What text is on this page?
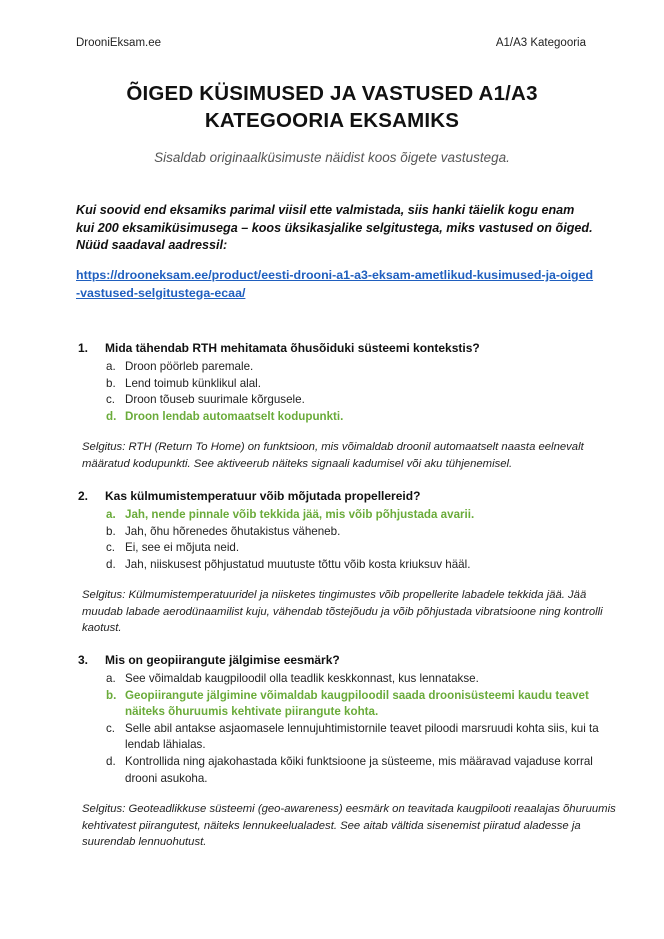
DrooniEksam.ee	A1/A3 Kategooria
ÕIGED KÜSIMUSED JA VASTUSED A1/A3 KATEGOORIA EKSAMIKS
Sisaldab originaalküsimuste näidist koos õigete vastustega.
Kui soovid end eksamiks parimal viisil ette valmistada, siis hanki täielik kogu enam kui 200 eksamiküsimusega – koos üksikasjalike selgitustega, miks vastused on õiged. Nüüd saadaval aadressil:
https://drooneksam.ee/product/eesti-drooni-a1-a3-eksam-ametlikud-kusimused-ja-oiged-vastused-selgitustega-ecaa/
1.	Mida tähendab RTH mehitamata õhusõiduki süsteemi kontekstis?
a. Droon pöörleb paremale.
b. Lend toimub künklikul alal.
c. Droon tõuseb suurimale kõrgusele.
d. Droon lendab automaatselt kodupunkti.
Selgitus: RTH (Return To Home) on funktsioon, mis võimaldab droonil automaatselt naasta eelnevalt määratud kodupunkti. See aktiveerub näiteks signaali kadumisel või aku tühjenemisel.
2.	Kas külmumistemperatuur võib mõjutada propellereid?
a. Jah, nende pinnale võib tekkida jää, mis võib põhjustada avarii.
b. Jah, õhu hõrenedes õhutakistus väheneb.
c. Ei, see ei mõjuta neid.
d. Jah, niiskusest põhjustatud muutuste tõttu võib kosta kriuksuv hääl.
Selgitus: Külmumistemperatuuridel ja niisketes tingimustes võib propellerite labadele tekkida jää. Jää muudab labade aerodünaamilist kuju, vähendab tõstejõudu ja võib põhjustada vibratsioone ning kontrolli kaotust.
3.	Mis on geopiirangute jälgimise eesmärk?
a. See võimaldab kaugpiloodil olla teadlik keskkonnast, kus lennatakse.
b. Geopiirangute jälgimine võimaldab kaugpiloodil saada droonisüsteemi kaudu teavet näiteks õhuruumis kehtivate piirangute kohta.
c. Selle abil antakse asjaomasele lennujuhtimistornile teavet piloodi marsruudi kohta siis, kui ta lendab lähialas.
d. Kontrollida ning ajakohastada kõiki funktsioone ja süsteeme, mis määravad vajaduse korral drooni asukoha.
Selgitus: Geoteadlikkuse süsteemi (geo-awareness) eesmärk on teavitada kaugpilooti reaalajas õhuruumis kehtivatest piirangutest, näiteks lennukeelualadest. See aitab vältida sisenemist piiratud aladesse ja suurendab lennuohutust.
